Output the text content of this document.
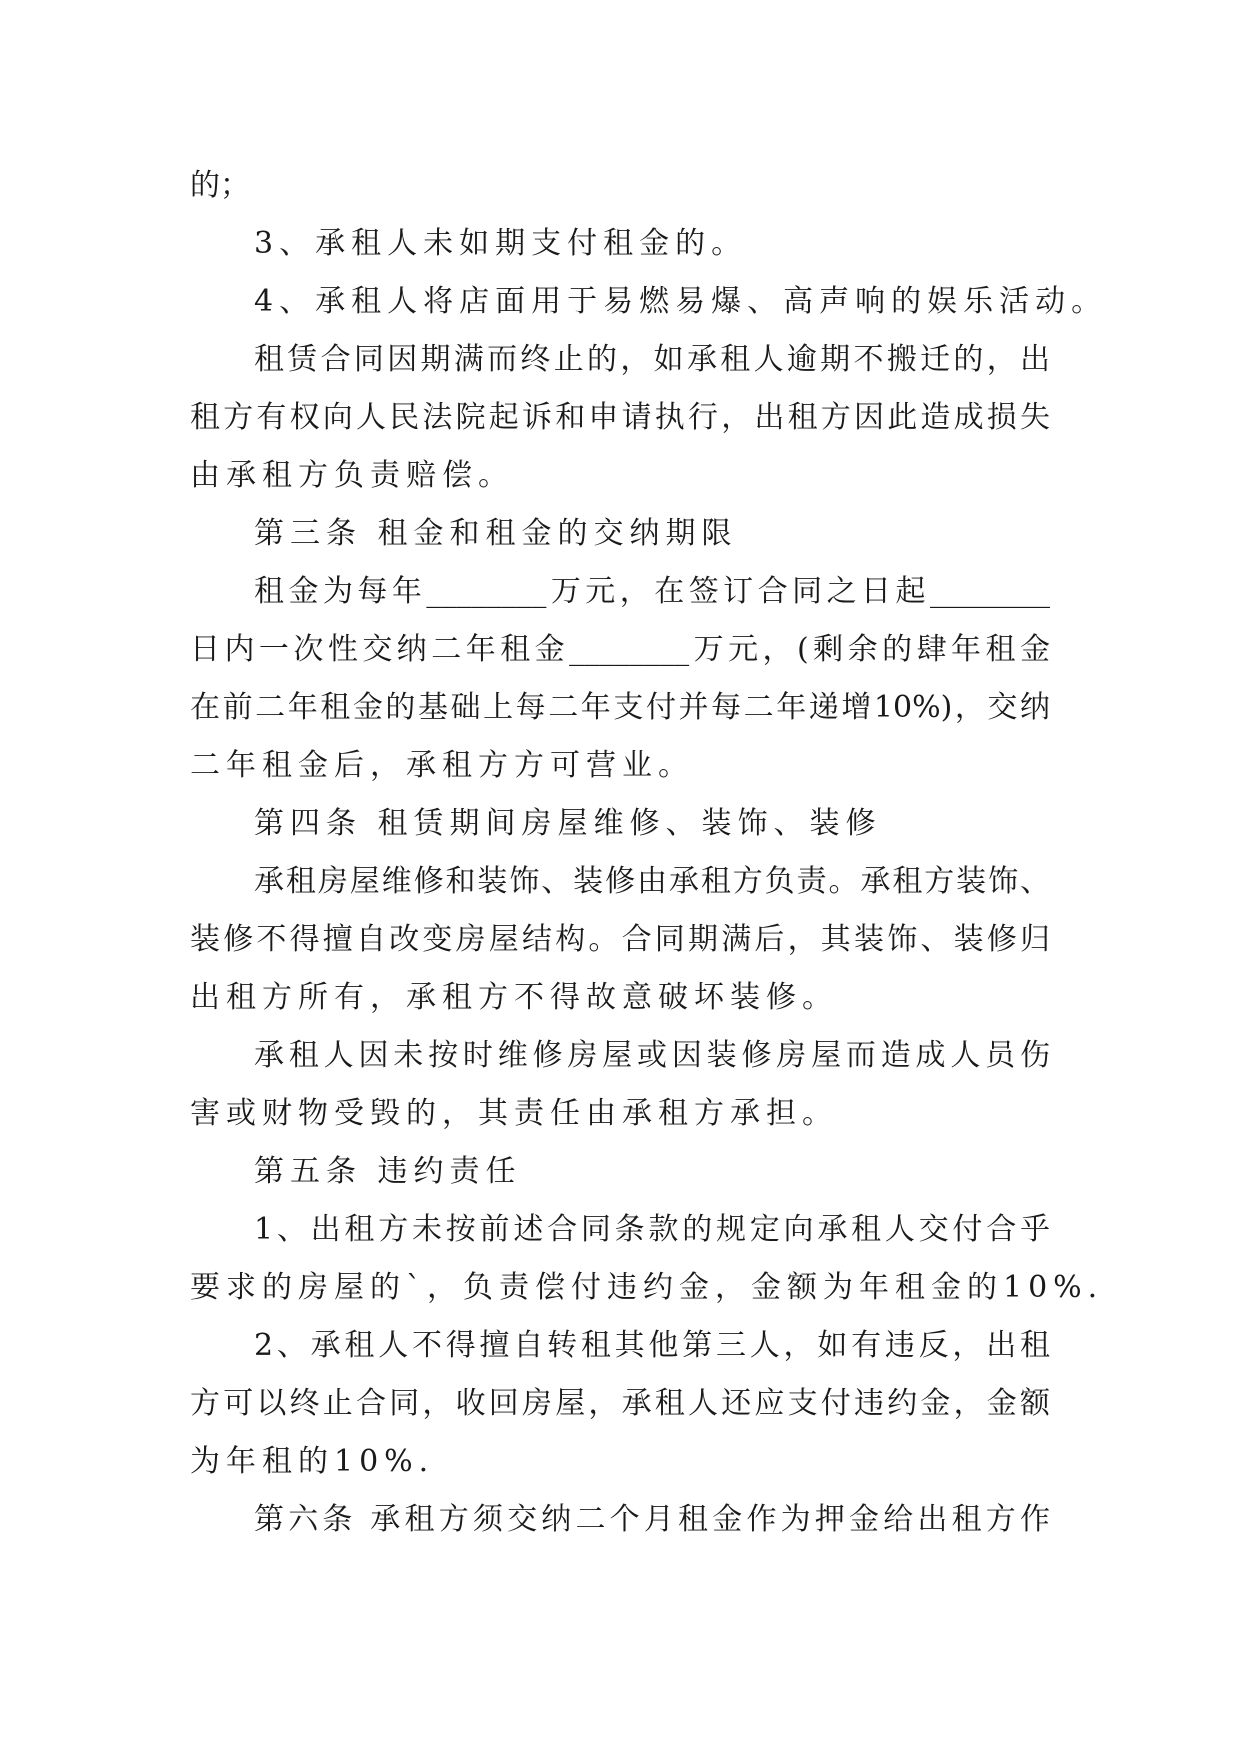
的；
3、承租人未如期支付租金的。
4、承租人将店面用于易燃易爆、高声响的娱乐活动。
租赁合同因期满而终止的，如承租人逾期不搬迁的，出
租方有权向人民法院起诉和申请执行，出租方因此造成损失
由承租方负责赔偿。
第三条 租金和租金的交纳期限
租金为每年________万元，在签订合同之日起________
日内一次性交纳二年租金________万元，(剩余的肆年租金
在前二年租金的基础上每二年支付并每二年递增10%)，交纳
二年租金后，承租方方可营业。
第四条 租赁期间房屋维修、装饰、装修
承租房屋维修和装饰、装修由承租方负责。承租方装饰、
装修不得擅自改变房屋结构。合同期满后，其装饰、装修归
出租方所有，承租方不得故意破坏装修。
承租人因未按时维修房屋或因装修房屋而造成人员伤
害或财物受毁的，其责任由承租方承担。
第五条 违约责任
1、出租方未按前述合同条款的规定向承租人交付合乎
要求的房屋的`，负责偿付违约金，金额为年租金的10%.
2、承租人不得擅自转租其他第三人，如有违反，出租
方可以终止合同，收回房屋，承租人还应支付违约金，金额
为年租的10%.
第六条 承租方须交纳二个月租金作为押金给出租方作
